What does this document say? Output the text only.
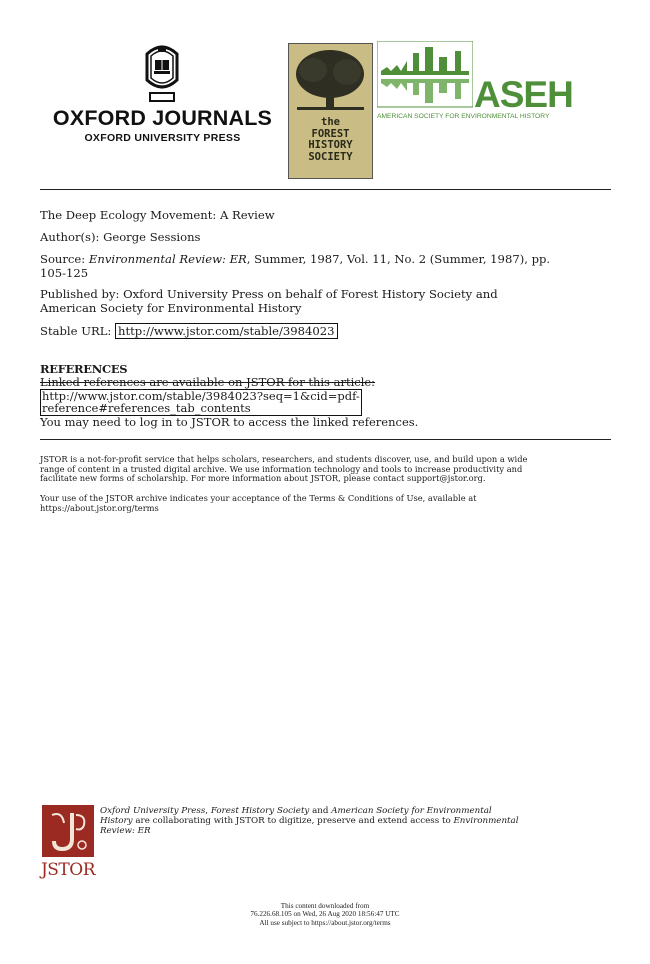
OXFORD JOURNALS
OXFORD UNIVERSITY PRESS
the
FOREST
HISTORY
SOCIETY
ASEH
AMERICAN SOCIETY FOR ENVIRONMENTAL HISTORY
The Deep Ecology Movement: A Review
Author(s): George Sessions
Source: Environmental Review: ER, Summer, 1987, Vol. 11, No. 2 (Summer, 1987), pp.
105-125
Published by: Oxford University Press on behalf of Forest History Society and
American Society for Environmental History
Stable URL: http://www.jstor.com/stable/3984023
REFERENCES
Linked references are available on JSTOR for this article:
http://www.jstor.com/stable/3984023?seq=1&cid=pdf-
reference#references_tab_contents
You may need to log in to JSTOR to access the linked references.
JSTOR is a not-for-profit service that helps scholars, researchers, and students discover, use, and build upon a wide
range of content in a trusted digital archive. We use information technology and tools to increase productivity and
facilitate new forms of scholarship. For more information about JSTOR, please contact support@jstor.org.
Your use of the JSTOR archive indicates your acceptance of the Terms & Conditions of Use, available at
https://about.jstor.org/terms
JSTOR
Oxford University Press, Forest History Society and American Society for Environmental
History are collaborating with JSTOR to digitize, preserve and extend access to Environmental
Review: ER
This content downloaded from
76.226.68.105 on Wed, 26 Aug 2020 18:56:47 UTC
All use subject to https://about.jstor.org/terms
